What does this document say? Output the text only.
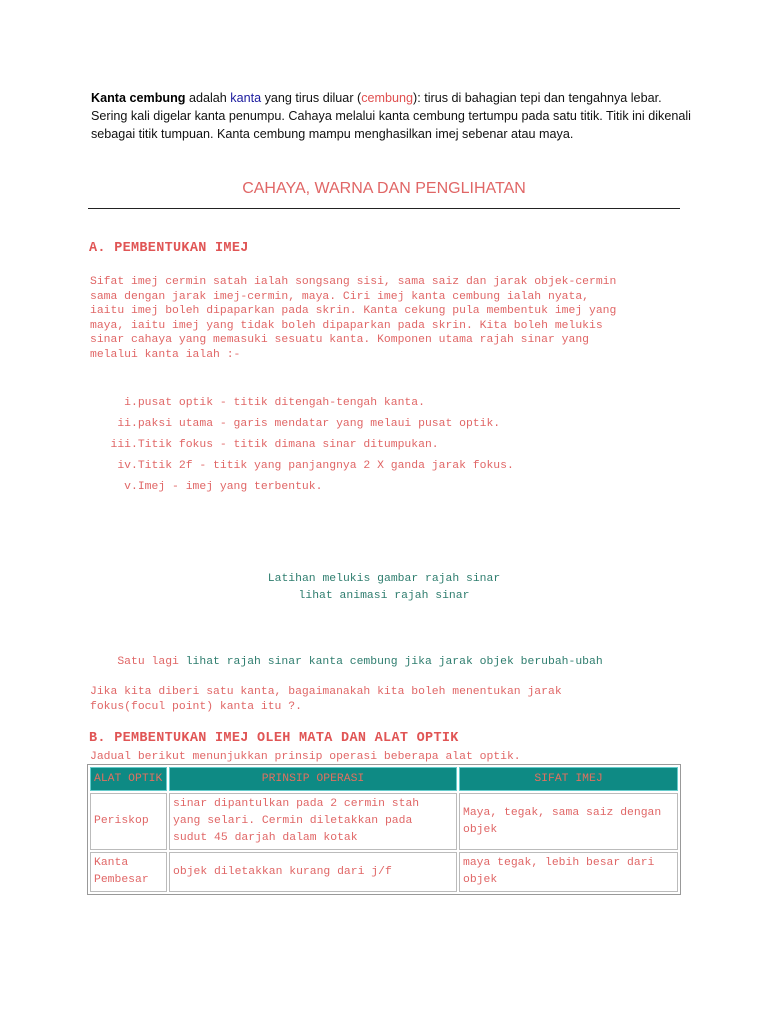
Kanta cembung adalah kanta yang tirus diluar (cembung): tirus di bahagian tepi dan tengahnya lebar. Sering kali digelar kanta penumpu. Cahaya melalui kanta cembung tertumpu pada satu titik. Titik ini dikenali sebagai titik tumpuan. Kanta cembung mampu menghasilkan imej sebenar atau maya.
CAHAYA, WARNA DAN PENGLIHATAN
A. PEMBENTUKAN IMEJ
Sifat imej cermin satah ialah songsang sisi, sama saiz dan jarak objek-cermin
sama dengan jarak imej-cermin, maya. Ciri imej kanta cembung ialah nyata,
iaitu imej boleh dipaparkan pada skrin. Kanta cekung pula membentuk imej yang
maya, iaitu imej yang tidak boleh dipaparkan pada skrin. Kita boleh melukis
sinar cahaya yang memasuki sesuatu kanta. Komponen utama rajah sinar yang
melalui kanta ialah :-
i.pusat optik - titik ditengah-tengah kanta.
ii.paksi utama - garis mendatar yang melaui pusat optik.
iii.Titik fokus - titik dimana sinar ditumpukan.
iv.Titik 2f - titik yang panjangnya 2 X ganda jarak fokus.
v.Imej - imej yang terbentuk.
Latihan melukis gambar rajah sinar
lihat animasi rajah sinar
Satu lagi lihat rajah sinar kanta cembung jika jarak objek berubah-ubah
Jika kita diberi satu kanta, bagaimanakah kita boleh menentukan jarak
fokus(focul point) kanta itu ?.
B. PEMBENTUKAN IMEJ OLEH MATA DAN ALAT OPTIK
Jadual berikut menunjukkan prinsip operasi beberapa alat optik.
ALAT OPTIK	PRINSIP OPERASI	SIFAT IMEJ
Periskop	sinar dipantulkan pada 2 cermin stah yang selari. Cermin diletakkan pada sudut 45 darjah dalam kotak	Maya, tegak, sama saiz dengan objek
Kanta Pembesar	objek diletakkan kurang dari j/f	maya tegak, lebih besar dari objek
